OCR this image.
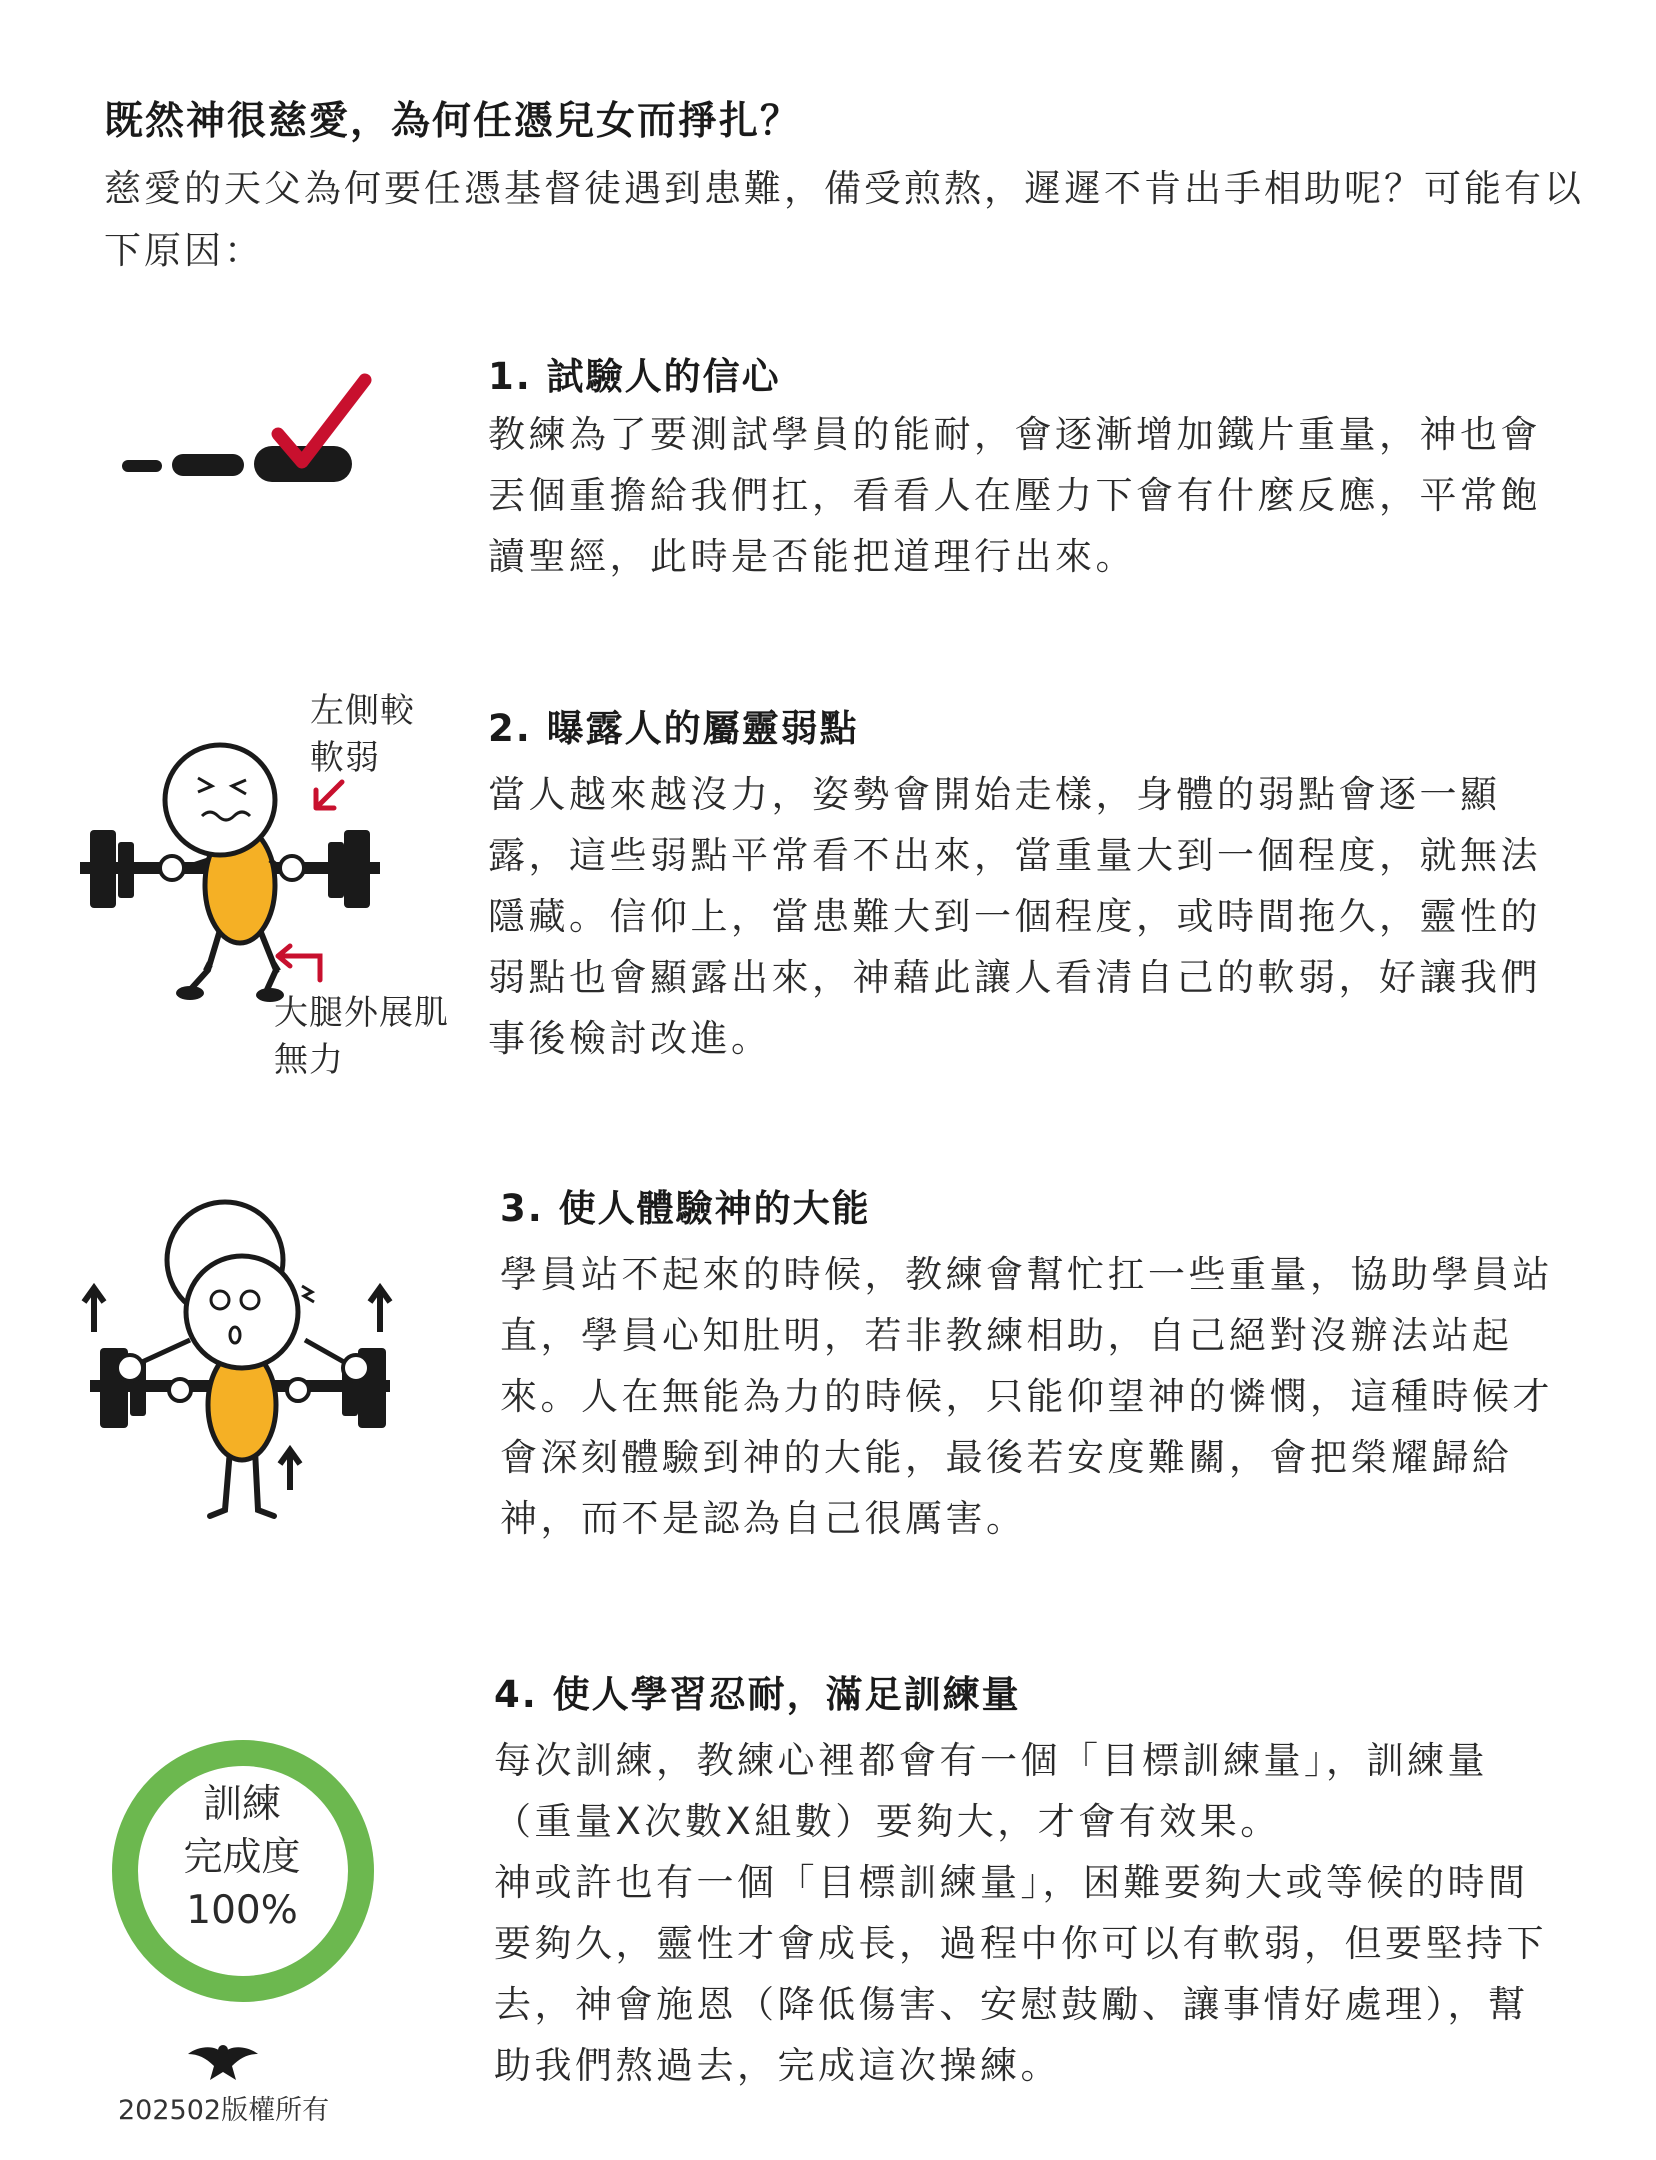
既然神很慈愛，為何任憑兒女而掙扎？
慈愛的天父為何要任憑基督徒遇到患難，備受煎熬，遲遲不肯出手相助呢？可能有以下原因：
1. 試驗人的信心
教練為了要測試學員的能耐，會逐漸增加鐵片重量，神也會
丟個重擔給我們扛，看看人在壓力下會有什麼反應，平常飽
讀聖經，此時是否能把道理行出來。
左側較
軟弱
大腿外展肌
無力
2. 曝露人的屬靈弱點
當人越來越沒力，姿勢會開始走樣，身體的弱點會逐一顯
露，這些弱點平常看不出來，當重量大到一個程度，就無法
隱藏。信仰上，當患難大到一個程度，或時間拖久，靈性的
弱點也會顯露出來，神藉此讓人看清自己的軟弱，好讓我們
事後檢討改進。
3. 使人體驗神的大能
學員站不起來的時候，教練會幫忙扛一些重量，協助學員站
直，學員心知肚明，若非教練相助，自己絕對沒辦法站起
來。人在無能為力的時候，只能仰望神的憐憫，這種時候才
會深刻體驗到神的大能，最後若安度難關，會把榮耀歸給
神，而不是認為自己很厲害。
訓練
完成度
100%
4. 使人學習忍耐，滿足訓練量
每次訓練，教練心裡都會有一個「目標訓練量」，訓練量
（重量X次數X組數）要夠大，才會有效果。
神或許也有一個「目標訓練量」，困難要夠大或等候的時間
要夠久，靈性才會成長，過程中你可以有軟弱，但要堅持下
去，神會施恩（降低傷害、安慰鼓勵、讓事情好處理），幫
助我們熬過去，完成這次操練。
202502版權所有
